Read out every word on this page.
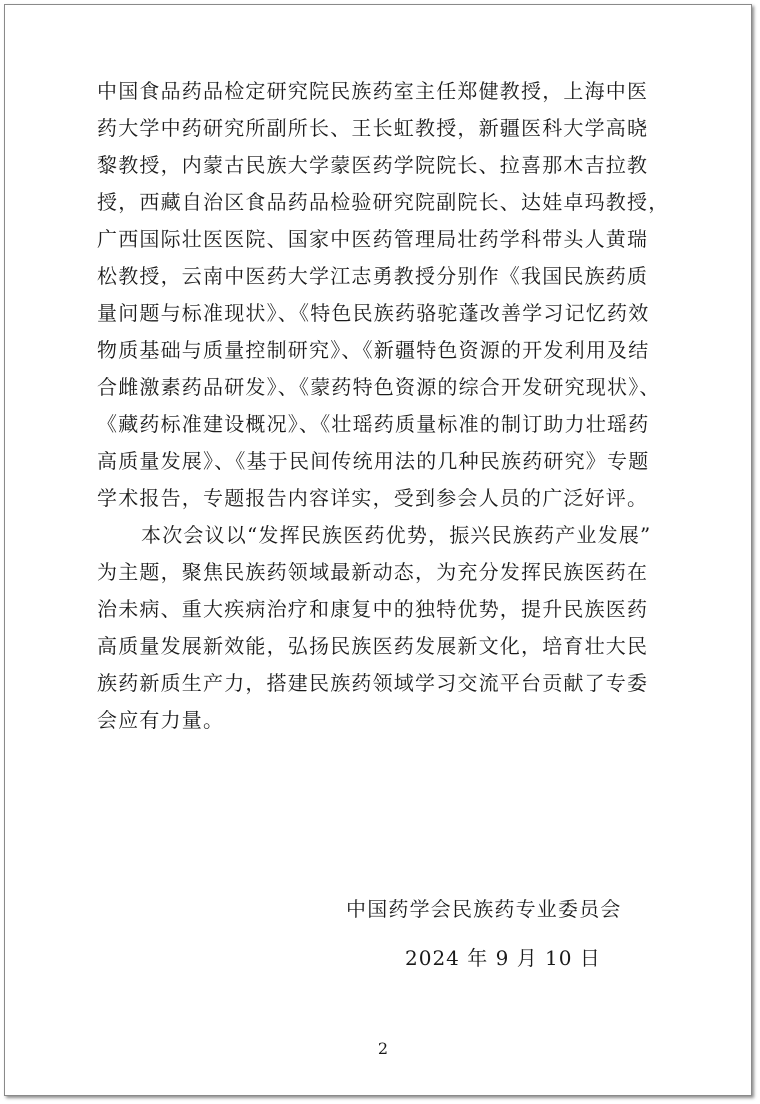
中国食品药品检定研究院民族药室主任郑健教授，上海中医
药大学中药研究所副所长、王长虹教授，新疆医科大学高晓
黎教授，内蒙古民族大学蒙医药学院院长、拉喜那木吉拉教
授，西藏自治区食品药品检验研究院副院长、达娃卓玛教授，
广西国际壮医医院、国家中医药管理局壮药学科带头人黄瑞
松教授，云南中医药大学江志勇教授分别作《我国民族药质
量问题与标准现状》、《特色民族药骆驼蓬改善学习记忆药效
物质基础与质量控制研究》、《新疆特色资源的开发利用及结
合雌激素药品研发》、《蒙药特色资源的综合开发研究现状》、
《藏药标准建设概况》、《壮瑶药质量标准的制订助力壮瑶药
高质量发展》、《基于民间传统用法的几种民族药研究》专题
学术报告，专题报告内容详实，受到参会人员的广泛好评。
本次会议以“发挥民族医药优势，振兴民族药产业发展”
为主题，聚焦民族药领域最新动态，为充分发挥民族医药在
治未病、重大疾病治疗和康复中的独特优势，提升民族医药
高质量发展新效能，弘扬民族医药发展新文化，培育壮大民
族药新质生产力，搭建民族药领域学习交流平台贡献了专委
会应有力量。
中国药学会民族药专业委员会
2024 年 9 月 10 日
2
